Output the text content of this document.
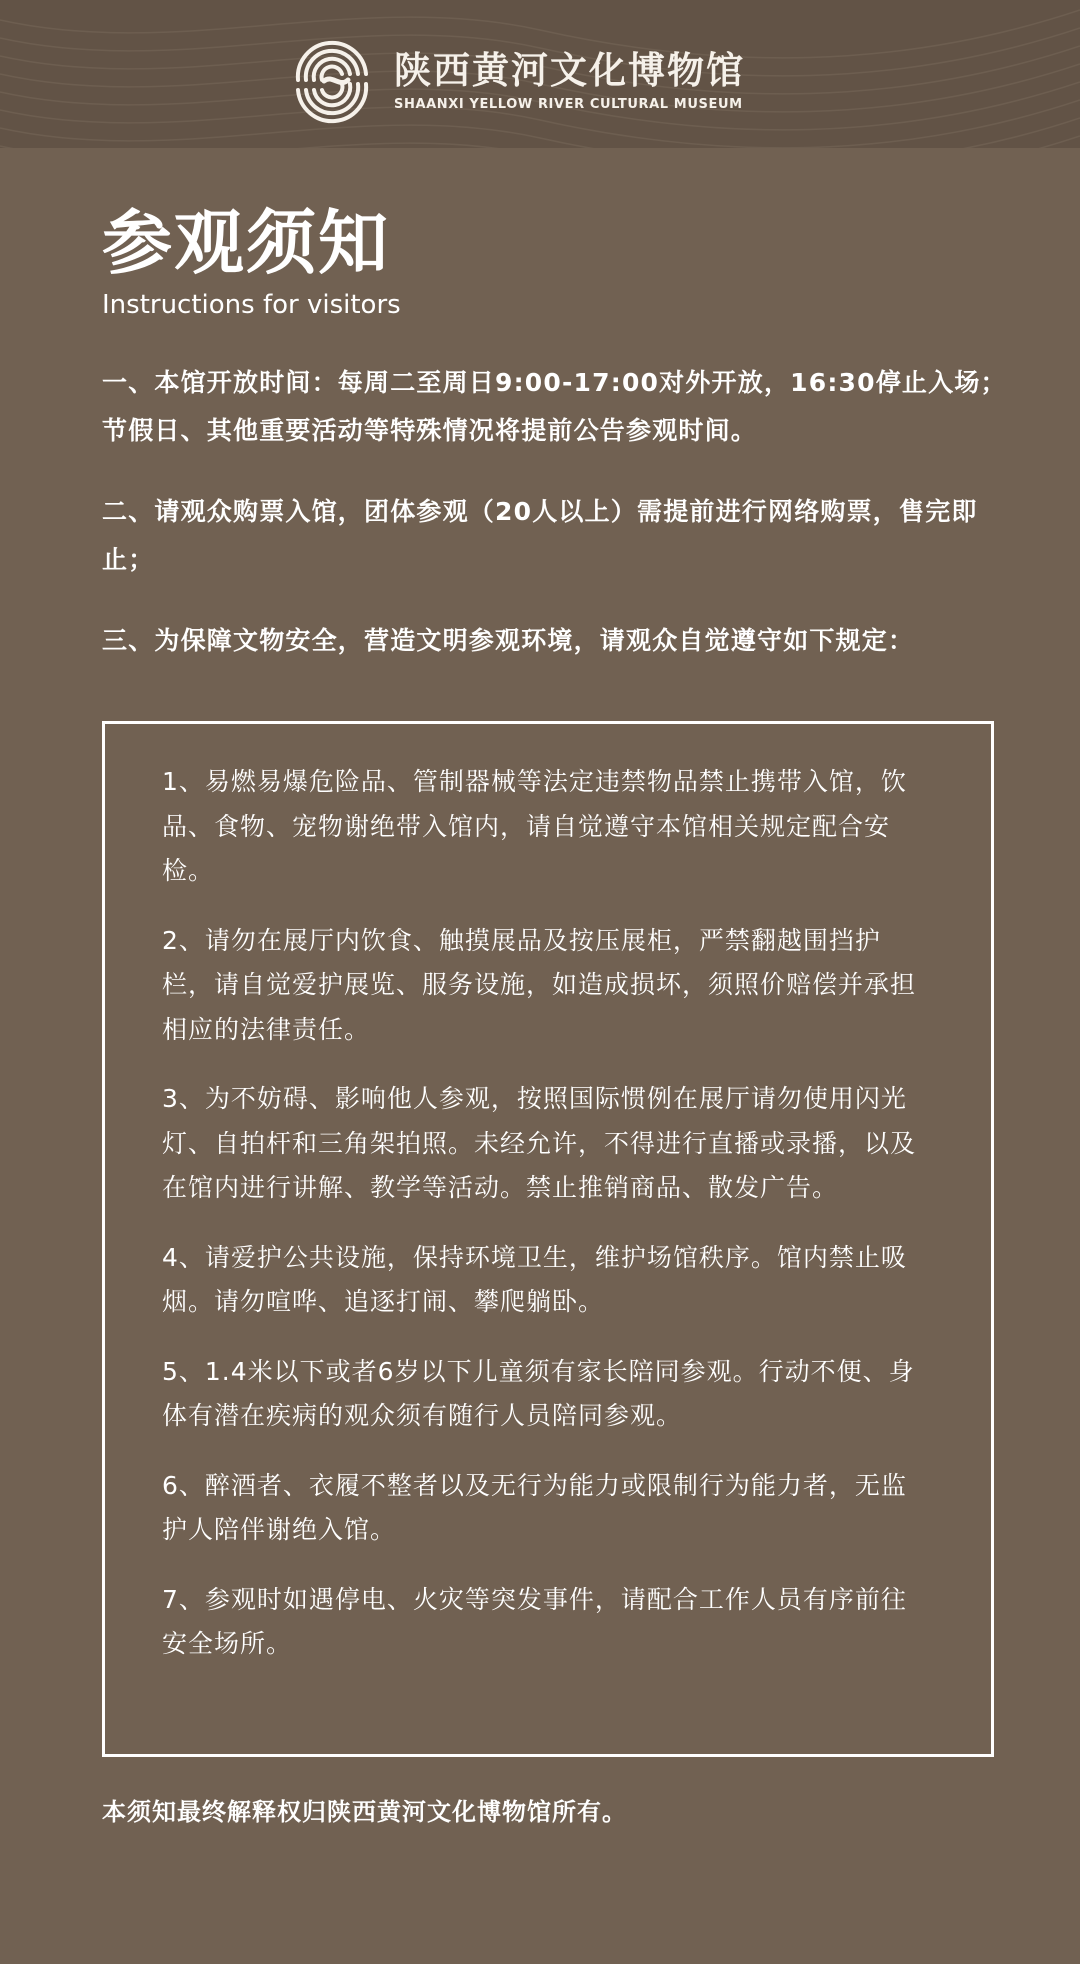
陕西黄河文化博物馆
SHAANXI YELLOW RIVER CULTURAL MUSEUM
参观须知
Instructions for visitors

一、本馆开放时间：每周二至周日9:00-17:00对外开放，16:30停止入场；节假日、其他重要活动等特殊情况将提前公告参观时间。

二、请观众购票入馆，团体参观（20人以上）需提前进行网络购票，售完即止；

三、为保障文物安全，营造文明参观环境，请观众自觉遵守如下规定：

1、易燃易爆危险品、管制器械等法定违禁物品禁止携带入馆，饮品、食物、宠物谢绝带入馆内，请自觉遵守本馆相关规定配合安检。

2、请勿在展厅内饮食、触摸展品及按压展柜，严禁翻越围挡护栏，请自觉爱护展览、服务设施，如造成损坏，须照价赔偿并承担相应的法律责任。

3、为不妨碍、影响他人参观，按照国际惯例在展厅请勿使用闪光灯、自拍杆和三角架拍照。未经允许，不得进行直播或录播，以及在馆内进行讲解、教学等活动。禁止推销商品、散发广告。

4、请爱护公共设施，保持环境卫生，维护场馆秩序。馆内禁止吸烟。请勿喧哗、追逐打闹、攀爬躺卧。

5、1.4米以下或者6岁以下儿童须有家长陪同参观。行动不便、身体有潜在疾病的观众须有随行人员陪同参观。

6、醉酒者、衣履不整者以及无行为能力或限制行为能力者，无监护人陪伴谢绝入馆。

7、参观时如遇停电、火灾等突发事件，请配合工作人员有序前往安全场所。

本须知最终解释权归陕西黄河文化博物馆所有。
